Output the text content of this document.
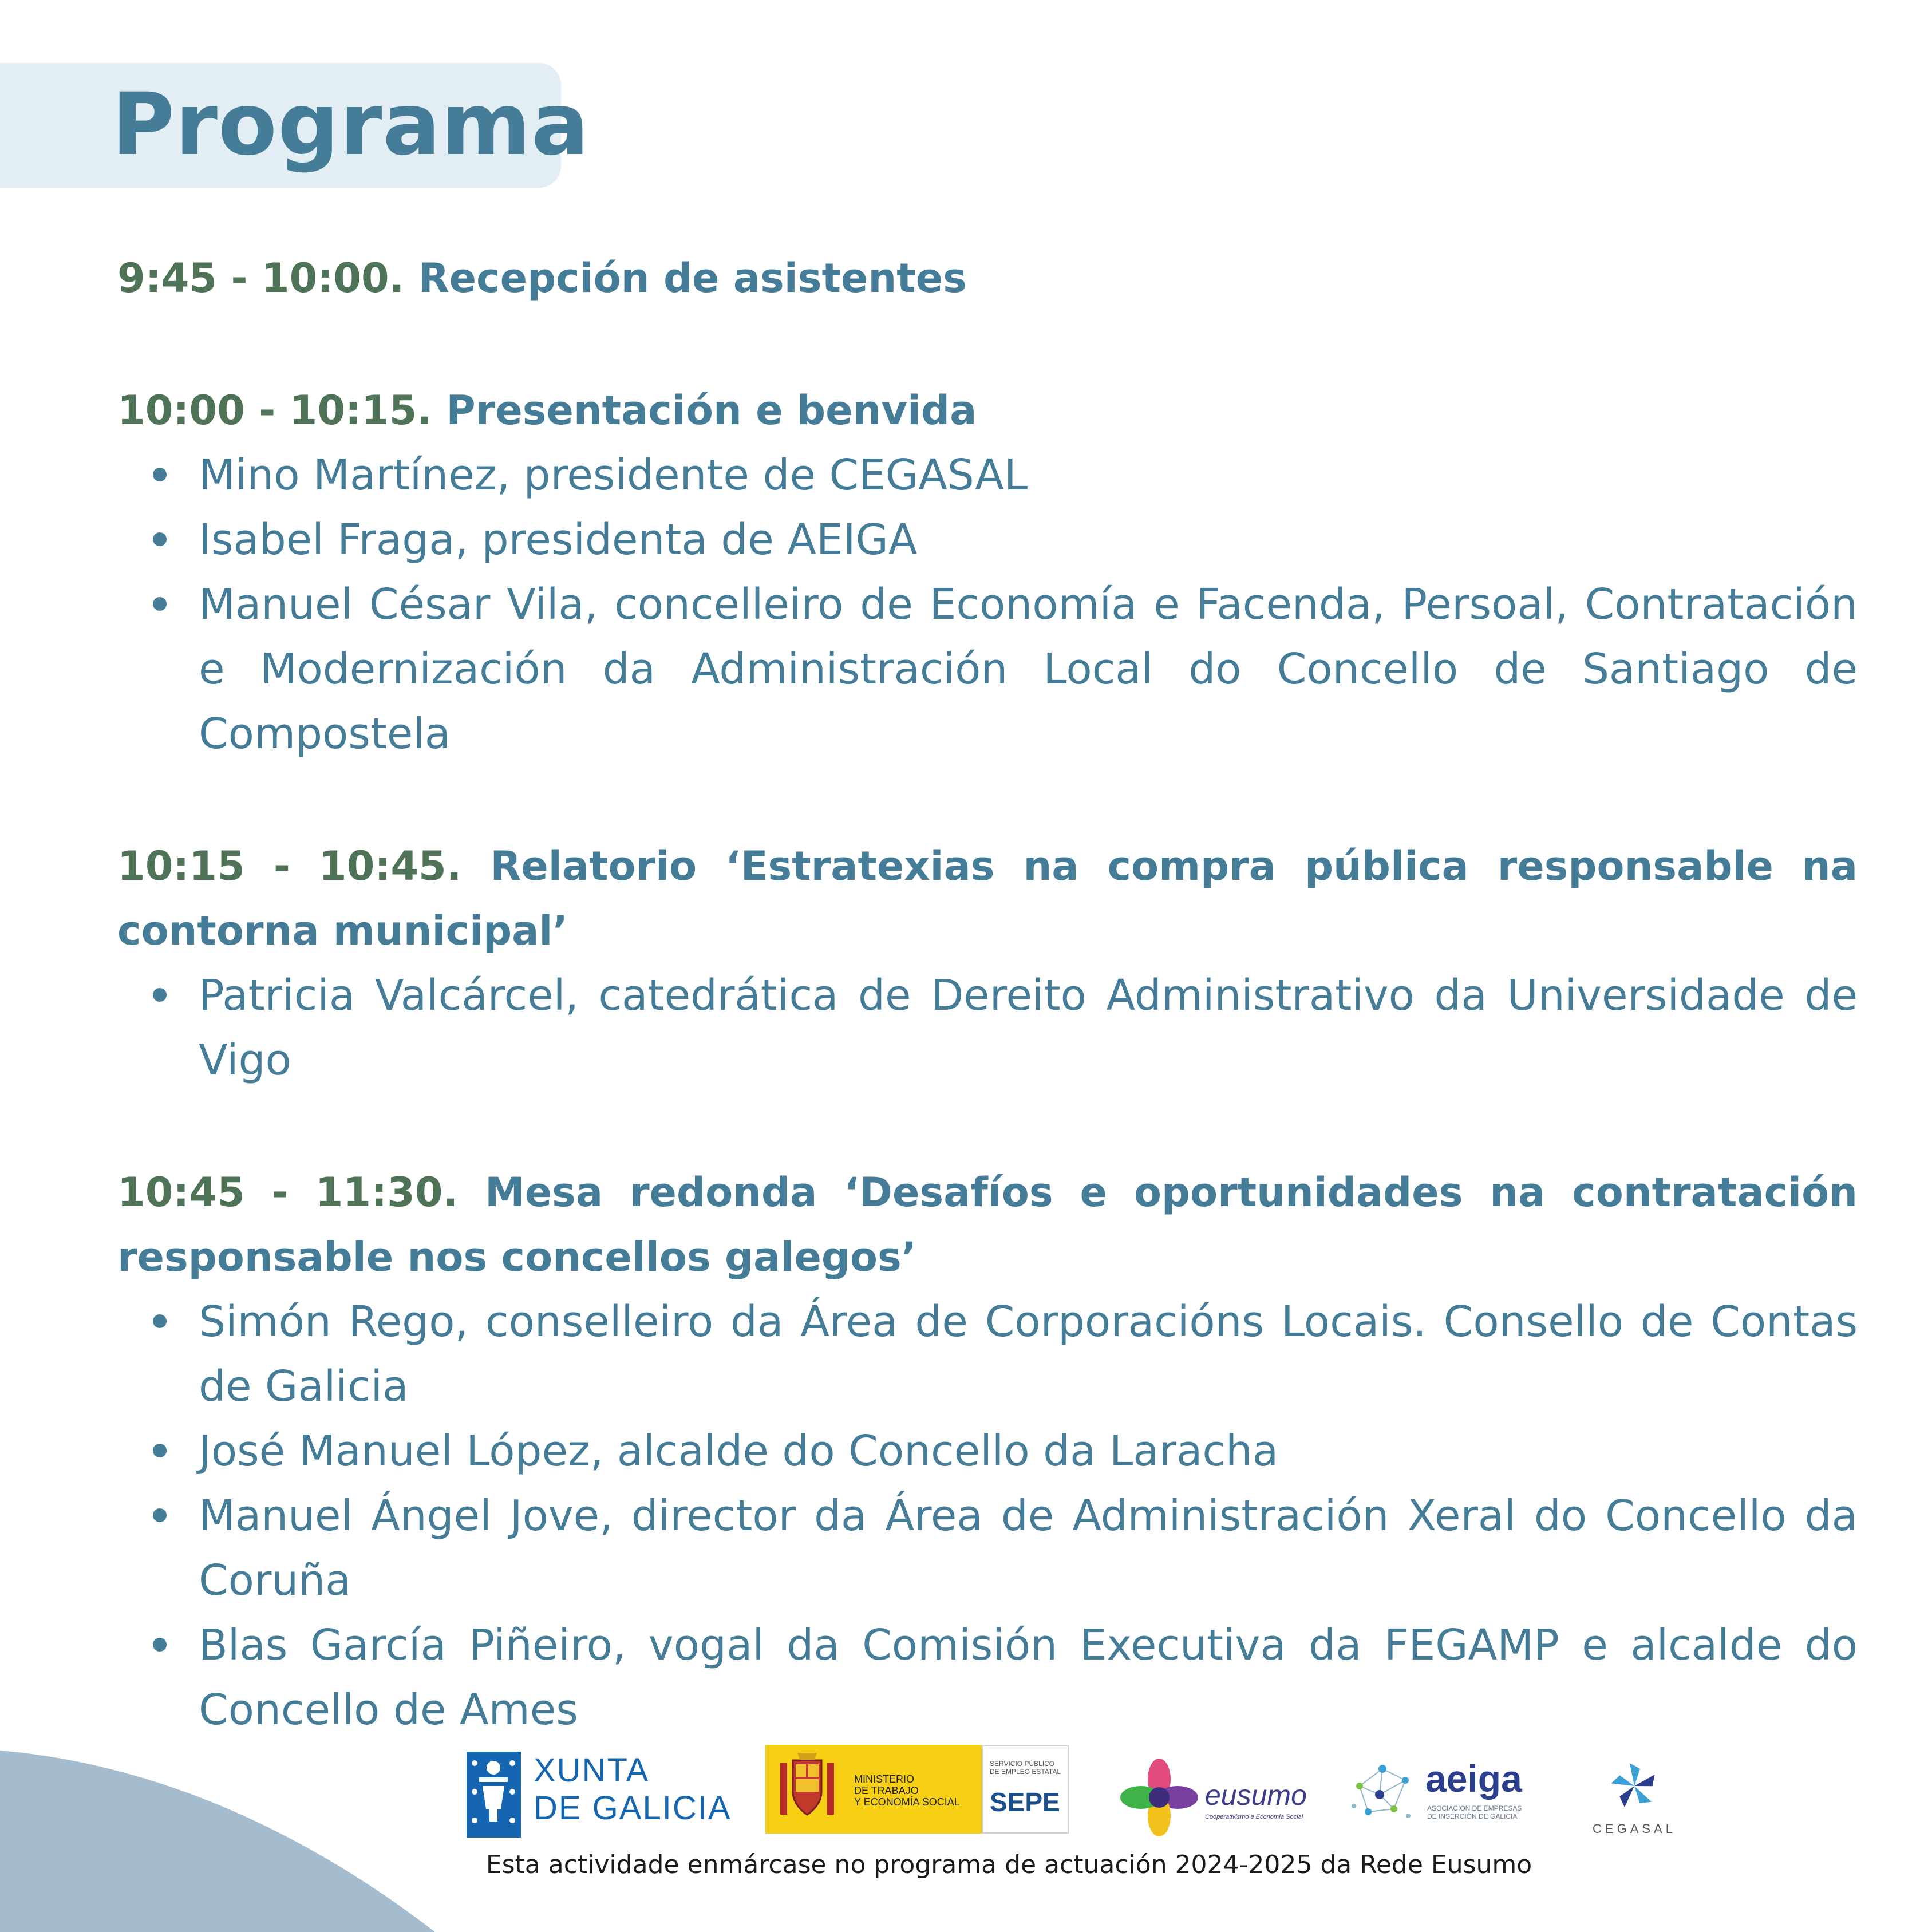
Programa
9:45 - 10:00. Recepción de asistentes
10:00 - 10:15. Presentación e benvida
Mino Martínez, presidente de CEGASAL
Isabel Fraga, presidenta de AEIGA
Manuel César Vila, concelleiro de Economía e Facenda, Persoal, Contratación e Modernización da Administración Local do Concello de Santiago de Compostela
10:15 - 10:45. Relatorio ‘Estratexias na compra pública responsable na contorna municipal’
Patricia Valcárcel, catedrática de Dereito Administrativo da Universidade de Vigo
10:45 - 11:30. Mesa redonda ‘Desafíos e oportunidades na contratación responsable nos concellos galegos’
Simón Rego, conselleiro da Área de Corporacións Locais. Consello de Contas de Galicia
José Manuel López, alcalde do Concello da Laracha
Manuel Ángel Jove, director da Área de Administración Xeral do Concello da Coruña
Blas García Piñeiro, vogal da Comisión Executiva da FEGAMP e alcalde do Concello de Ames
XUNTA
DE GALICIA
MINISTERIO
DE TRABAJO
Y ECONOMÍA SOCIAL
SERVICIO PÚBLICO
DE EMPLEO ESTATAL
SEPE	eusumo
Cooperativismo e Economía Social
aeiga
ASOCIACIÓN DE EMPRESAS
DE INSERCIÓN DE GALICIA
CEGASAL
Esta actividade enmárcase no programa de actuación 2024-2025 da Rede Eusumo
